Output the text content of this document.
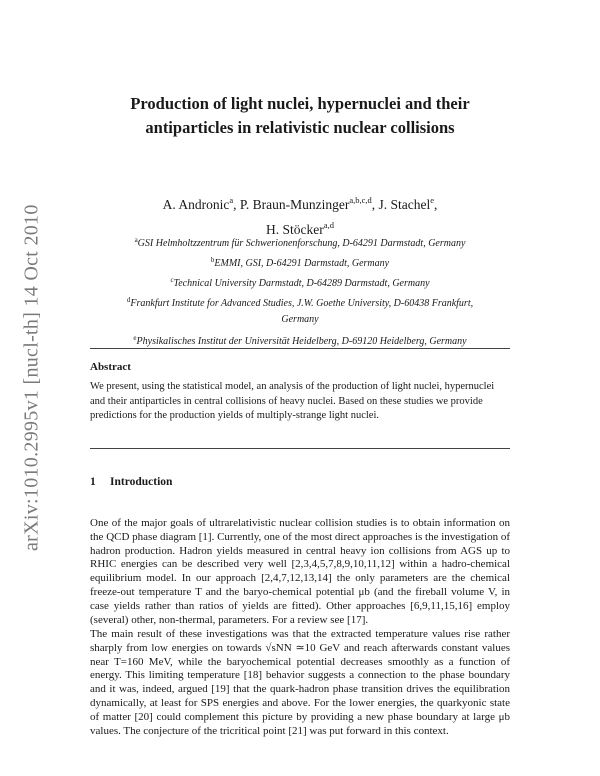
arXiv:1010.2995v1 [nucl-th] 14 Oct 2010
Production of light nuclei, hypernuclei and their antiparticles in relativistic nuclear collisions
A. Andronic$^a$, P. Braun-Munzinger$^{a,b,c,d}$, J. Stachel$^e$,
H. Stöcker$^{a,d}$
$^a$GSI Helmholtzzentrum für Schwerionenforschung, D-64291 Darmstadt, Germany
$^b$EMMI, GSI, D-64291 Darmstadt, Germany
$^c$Technical University Darmstadt, D-64289 Darmstadt, Germany
$^d$Frankfurt Institute for Advanced Studies, J.W. Goethe University, D-60438 Frankfurt, Germany
$^e$Physikalisches Institut der Universität Heidelberg, D-69120 Heidelberg, Germany
Abstract
We present, using the statistical model, an analysis of the production of light nuclei, hypernuclei and their antiparticles in central collisions of heavy nuclei. Based on these studies we provide predictions for the production yields of multiply-strange light nuclei.
1 Introduction
One of the major goals of ultrarelativistic nuclear collision studies is to obtain information on the QCD phase diagram [1]. Currently, one of the most direct approaches is the investigation of hadron production. Hadron yields measured in central heavy ion collisions from AGS up to RHIC energies can be described very well [2,3,4,5,7,8,9,10,11,12] within a hadro-chemical equilibrium model. In our approach [2,4,7,12,13,14] the only parameters are the chemical freeze-out temperature T and the baryo-chemical potential μb (and the fireball volume V, in case yields rather than ratios of yields are fitted). Other approaches [6,9,11,15,16] employ (several) other, non-thermal, parameters. For a review see [17].
The main result of these investigations was that the extracted temperature values rise rather sharply from low energies on towards √sNN ≃10 GeV and reach afterwards constant values near T=160 MeV, while the baryochemical potential decreases smoothly as a function of energy. This limiting temperature [18] behavior suggests a connection to the phase boundary and it was, indeed, argued [19] that the quark-hadron phase transition drives the equilibration dynamically, at least for SPS energies and above. For the lower energies, the quarkyonic state of matter [20] could complement this picture by providing a new phase boundary at large μb values. The conjecture of the tricritical point [21] was put forward in this context.
